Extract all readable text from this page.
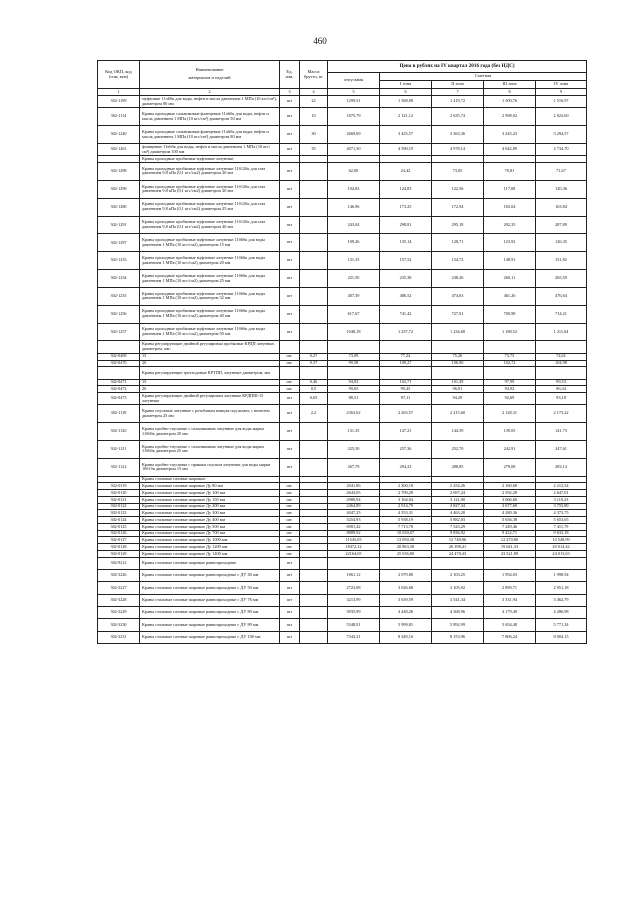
460
Код ОКП, код (гпм, кем)	Наименование
материалов и изделий	Ед. изм.	Масса брутто, кг	Цена в рублях на IV квартал 2016 года (без НДС)				
				отпускная	Сметная			
					I зона	II зона	III зона	IV зона
1	2	3	4	5	6	7	8	9
302-1199	муфтовые 11ч6бк для воды, нефти и масла давлением 1 МПа (10 кгс/см²), диаметром 80 мм	шт	22	1299,51	1 368,08	1 419,72	1 500,76	1 516,97
302-1114	Краны проходные сальниковые фланцевые 11ч6бк для воды, нефти и масла давлением 1 МПа (10 кгс/см²) диаметром 50 мм	шт	10	1875,79	2 121,12	2 635,74	2 998,02	2 023,60
302-1240	Краны проходные сальниковые фланцевые 11ч6бк для воды, нефти и масла давлением 1 МПа (10 кгс/см²) диаметром 80 мм	шт	30	2669,69	3 425,57	3 363,36	3 245,23	3 294,57
302-1261	фланцевые 11ч6бк для воды, нефти и масла давлением 1 МПа (10 кгс/см²) диаметром 100 мм	шт	35	4071,30	4 590,19	4 978,14	4 642,89	4 734,70
	Краны проходные пробковые муфтовые латунные							
302-1298	Краны проходные пробковые муфтовые латунные 11б12бк для газа давлением 9,8 кПа (0,1 кгс/см2) диаметром 20 мм	шт		62,00	24,42	73,05	70,81	71,67
302-1299	Краны проходные пробковые муфтовые латунные 11б12бк для газа давлением 9,8 кПа (0,1 кгс/см2) диаметром 20 мм	шт		104,83	124,83	122,56	117,08	120,36
302-1280	Краны проходные пробковые муфтовые латунные 11б12бк для газа давлением 9,8 кПа (0,1 кгс/см2) диаметром 25 мм	шт		146,96	173,25	172,94	165,04	163,84
302-1291	Краны проходные пробковые муфтовые латунные 11б12бк для газа давлением 9,8 кПа (0,1 кгс/см2) диаметром 40 мм	шт		243,04	298,81	295,18	292,35	287,89
302-1297	Краны проходные пробковые муфтовые латунные 11б6бк для воды давлением 1 МПа (10 кгс/см2) диаметром 15 мм	шт		109,26	135,14	128,71	123,92	126,35
302-1233	Краны проходные пробковые муфтовые латунные 11б6бк для воды давлением 1 МПа (10 кгс/см2) диаметром 20 мм	шт		131,35	157,52	154,72	148,91	151,82
302-1234	Краны проходные пробковые муфтовые латунные 11б6бк для воды давлением 1 МПа (10 кгс/см2) диаметром 25 мм	шт		221,50	235,38	238,26	260,11	265,59
302-1235	Краны проходные пробковые муфтовые латунные 11б6бк для воды давлением 1 МПа (10 кгс/см2) диаметром 32 мм	шт		407,39	486,52	474,63	461,26	476,64
302-1256	Краны проходные пробковые муфтовые латунные 11б6бк для воды давлением 1 МПа (10 кгс/см2) диаметром 40 мм	шт		617,67	741,42	727,91	700,98	714,21
302-1257	Краны проходные пробковые муфтовые латунные 11б6бк для воды давлением 1 МПа (10 кгс/см2) диаметром 50 мм	шт		1048,18	1 237,72	1 234,68	1 188,52	1 211,64
	Краны регулирующие двойной регулировки пробковые КРДП латунные, диаметром, мм:							
302-0469	15	шт.	0,27	73,09	77,24	75,26	73,75	74,61
302-0470	20	шт.	0,37	99,58	109,27	106,90	102,72	104,98
	Краны регулирующие трехходовые КРТПП, латунные диаметром, мм							
302-0471	15	шт.	0,46	94,93	102,71	101,49	97,99	99,53
302-0472	20	шт.	0,5	99,65	99,45	96,81	94,92	96,34
302-0473	Краны регулирующие двойной регулировки латунные КРДПШ-15 латунные	шт	0,65	88,51	97,11	94,29	92,69	93,18
302-1118	Краны спускные латунные с резьбовым концом под шланг, с нипелем диаметром 25 мм	шт	2,2	2363,62	2 265,57	2 215,60	2 128,31	2 173,22
302-1120	Краны пробно-спускные с сальниковым латунные для воды марки 11б6бк диаметром 20 мм	шт		131,35	147,21	144,59	139,05	141,73
302-1121	Краны пробно-спускные с сальниковым латунные для воды марки 11б6бк диаметром 25 мм	шт		225,50	257,36	252,70	242,91	247,61
302-1122	Краны пробно-спускные с прямым спуском латунные для воды марки 10б1бк диаметром 15 мм	шт		267,79	294,23	288,85	279,08	283,14
	Краны стальные газовые шаровые:							
302-0119	Краны стальные газовые шаровые Ду 80 мм	шт.		2041,86	2 300,18	2 254,26	2 160,68	2 212,54
302-0120	Краны стальные газовые шаровые Ду 100 мм	шт.		2643,05	2 709,29	2 697,24	2 592,28	2 647,01
302-0121	Краны стальные газовые шаровые Ду 150 мм	шт.		2980,94	3 164,04	3 121,00	3 066,60	3 110,23
302-0122	Краны стальные газовые шаровые Ду 200 мм	шт.		2464,89	2 914,79	3 827,34	3 677,69	3 755,89
302-0123	Краны стальные газовые шаровые Ду 300 мм	шт.		4047,25	4 553,31	4 463,20	4 280,36	4 373,75
302-0124	Краны стальные газовые шаровые Ду 400 мм	шт.		5254,93	5 938,19	5 882,03	5 636,38	5 653,65
302-0125	Краны стальные газовые шаровые Ду 500 мм	шт.		6981,42	7 713,78	7 543,29	7 249,46	7 411,79
302-0126	Краны стальные газовые шаровые Ду 700 мм	шт.		8889,92	10 030,07	9 836,92	9 422,71	9 633,18
302-0127	Краны стальные газовые шаровые Ду 1000 мм	шт.		11545,05	13 050,38	12 748,96	12 270,80	12 548,99
302-0128	Краны стальные газовые шаровые Ду 1200 мм	шт.		18472,12	20 863,38	20 398,41	19 641,33	20 014,42
302-0129	Краны стальные газовые шаровые Ду 1400 мм	шт.		22164,65	25 036,80	24 478,43	23 521,89	24 013,63
302-9212	Краны стальные газовые шаровые равнопроходные	шт						
302-3226	Краны стальные газовые шаровые равнопроходные с ДУ 40 мм	шт		1861,12	2 079,88	2 103,25	1 954,03	1 998,94
302-3227	Краны стальные газовые шаровые равнопроходные с ДУ 50 мм	шт		2723,08	3 026,68	3 105,92	2 899,71	2 951,18
302-3228	Краны стальные газовые шаровые равнопроходные с ДУ 76 мм	шт		3213,99	3 639,59	3 541,34	3 331,94	3 462,79
302-3229	Краны стальные газовые шаровые равнопроходные с ДУ 80 мм	шт		3935,99	4 448,26	4 368,96	4 179,49	4 286,98
302-3230	Краны стальные газовые шаровые равнопроходные с ДУ 89 мм	шт		5348,91	5 999,81	5 892,99	5 654,48	5 771,34
302-3231	Краны стальные газовые шаровые равнопроходные с ДУ 100 мм	шт		7343,31	8 349,16	8 153,96	7 806,24	8 004,15
